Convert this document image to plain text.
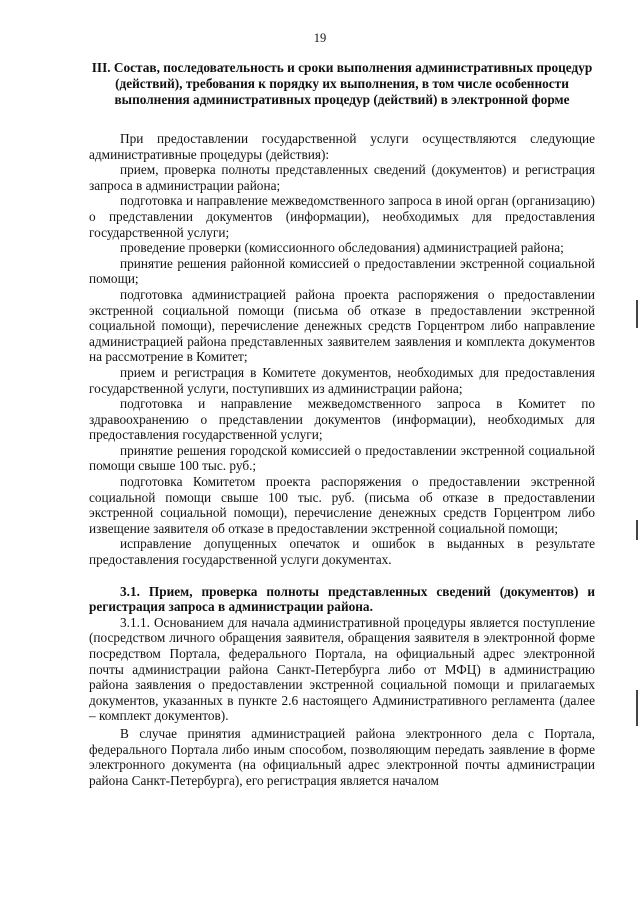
19
III. Состав, последовательность и сроки выполнения административных процедур (действий), требования к порядку их выполнения, в том числе особенности выполнения административных процедур (действий) в электронной форме

При предоставлении государственной услуги осуществляются следующие административные процедуры (действия):

прием, проверка полноты представленных сведений (документов) и регистрация запроса в администрации района;

подготовка и направление межведомственного запроса в иной орган (организацию) о представлении документов (информации), необходимых для предоставления государственной услуги;

проведение проверки (комиссионного обследования) администрацией района;

принятие решения районной комиссией о предоставлении экстренной социальной помощи;

подготовка администрацией района проекта распоряжения о предоставлении экстренной социальной помощи (письма об отказе в предоставлении экстренной социальной помощи), перечисление денежных средств Горцентром либо направление администрацией района представленных заявителем заявления и комплекта документов на рассмотрение в Комитет;

прием и регистрация в Комитете документов, необходимых для предоставления государственной услуги, поступивших из администрации района;

подготовка и направление межведомственного запроса в Комитет по здравоохранению о представлении документов (информации), необходимых для предоставления государственной услуги;

принятие решения городской комиссией о предоставлении экстренной социальной помощи свыше 100 тыс. руб.;

подготовка Комитетом проекта распоряжения о предоставлении экстренной социальной помощи свыше 100 тыс. руб. (письма об отказе в предоставлении экстренной социальной помощи), перечисление денежных средств Горцентром либо извещение заявителя об отказе в предоставлении экстренной социальной помощи;

исправление допущенных опечаток и ошибок в выданных в результате предоставления государственной услуги документах.

3.1. Прием, проверка полноты представленных сведений (документов) и регистрация запроса в администрации района.

3.1.1. Основанием для начала административной процедуры является поступление (посредством личного обращения заявителя, обращения заявителя в электронной форме посредством Портала, федерального Портала, на официальный адрес электронной почты администрации района Санкт-Петербурга либо от МФЦ) в администрацию района заявления о предоставлении экстренной социальной помощи и прилагаемых документов, указанных в пункте 2.6 настоящего Административного регламента (далее – комплект документов).

В случае принятия администрацией района электронного дела с Портала, федерального Портала либо иным способом, позволяющим передать заявление в форме электронного документа (на официальный адрес электронной почты администрации района Санкт-Петербурга), его регистрация является началом
